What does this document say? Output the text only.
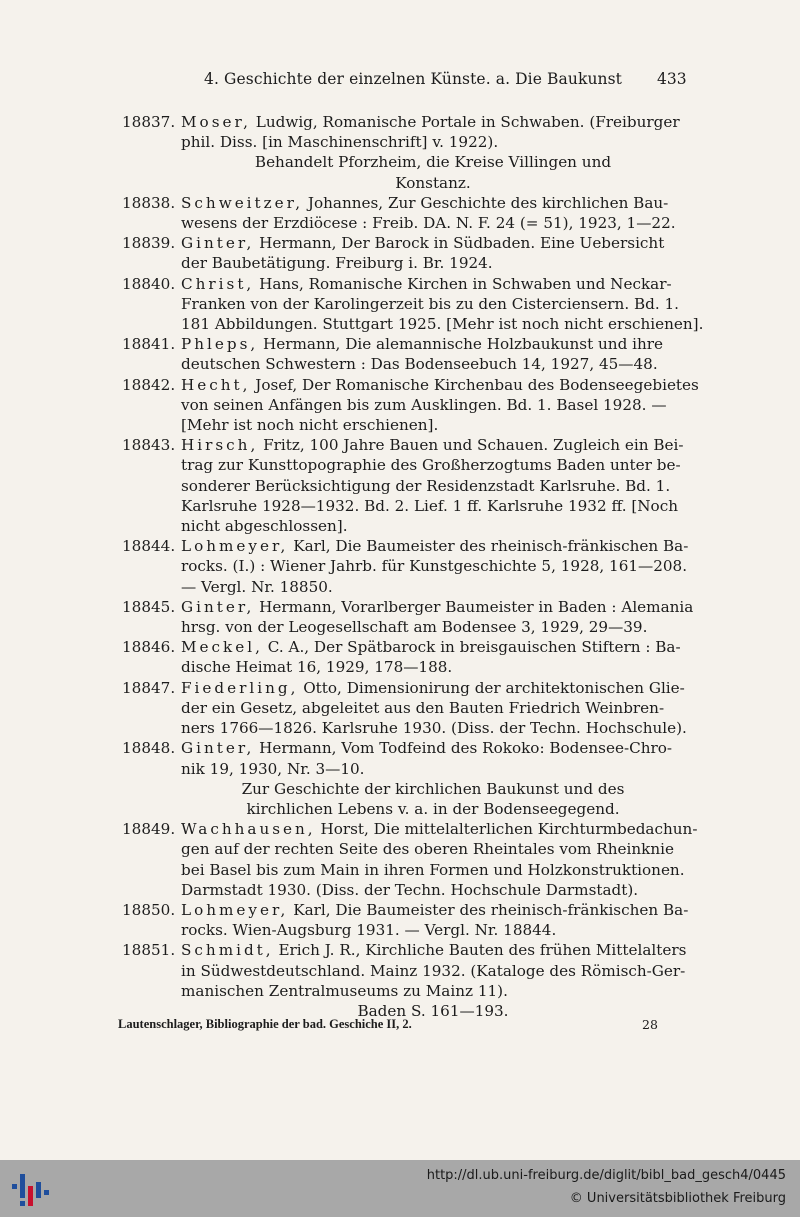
4. Geschichte der einzelnen Künste. a. Die Baukunst 433
18837. Moser, Ludwig, Romanische Portale in Schwaben. (Freiburger
phil. Diss. [in Maschinenschrift] v. 1922).
Behandelt Pforzheim, die Kreise Villingen und
Konstanz.
18838. Schweitzer, Johannes, Zur Geschichte des kirchlichen Bau-
wesens der Erzdiöcese : Freib. DA. N. F. 24 (= 51), 1923, 1—22.
18839. Ginter, Hermann, Der Barock in Südbaden. Eine Uebersicht
der Baubetätigung. Freiburg i. Br. 1924.
18840. Christ, Hans, Romanische Kirchen in Schwaben und Neckar-
Franken von der Karolingerzeit bis zu den Cisterciensern. Bd. 1.
181 Abbildungen. Stuttgart 1925. [Mehr ist noch nicht erschienen].
18841. Phleps, Hermann, Die alemannische Holzbaukunst und ihre
deutschen Schwestern : Das Bodenseebuch 14, 1927, 45—48.
18842. Hecht, Josef, Der Romanische Kirchenbau des Bodenseegebietes
von seinen Anfängen bis zum Ausklingen. Bd. 1. Basel 1928. —
[Mehr ist noch nicht erschienen].
18843. Hirsch, Fritz, 100 Jahre Bauen und Schauen. Zugleich ein Bei-
trag zur Kunsttopographie des Großherzogtums Baden unter be-
sonderer Berücksichtigung der Residenzstadt Karlsruhe. Bd. 1.
Karlsruhe 1928—1932. Bd. 2. Lief. 1 ff. Karlsruhe 1932 ff. [Noch
nicht abgeschlossen].
18844. Lohmeyer, Karl, Die Baumeister des rheinisch-fränkischen Ba-
rocks. (I.) : Wiener Jahrb. für Kunstgeschichte 5, 1928, 161—208.
— Vergl. Nr. 18850.
18845. Ginter, Hermann, Vorarlberger Baumeister in Baden : Alemania
hrsg. von der Leogesellschaft am Bodensee 3, 1929, 29—39.
18846. Meckel, C. A., Der Spätbarock in breisgauischen Stiftern : Ba-
dische Heimat 16, 1929, 178—188.
18847. Fiederling, Otto, Dimensionirung der architektonischen Glie-
der ein Gesetz, abgeleitet aus den Bauten Friedrich Weinbren-
ners 1766—1826. Karlsruhe 1930. (Diss. der Techn. Hochschule).
18848. Ginter, Hermann, Vom Todfeind des Rokoko: Bodensee-Chro-
nik 19, 1930, Nr. 3—10.
Zur Geschichte der kirchlichen Baukunst und des
kirchlichen Lebens v. a. in der Bodenseegegend.
18849. Wachhausen, Horst, Die mittelalterlichen Kirchturmbedachun-
gen auf der rechten Seite des oberen Rheintales vom Rheinknie
bei Basel bis zum Main in ihren Formen und Holzkonstruktionen.
Darmstadt 1930. (Diss. der Techn. Hochschule Darmstadt).
18850. Lohmeyer, Karl, Die Baumeister des rheinisch-fränkischen Ba-
rocks. Wien-Augsburg 1931. — Vergl. Nr. 18844.
18851. Schmidt, Erich J. R., Kirchliche Bauten des frühen Mittelalters
in Südwestdeutschland. Mainz 1932. (Kataloge des Römisch-Ger-
manischen Zentralmuseums zu Mainz 11).
Baden S. 161—193.
Lautenschlager, Bibliographie der bad. Geschiche II, 2.	28
http://dl.ub.uni-freiburg.de/diglit/bibl_bad_gesch4/0445
© Universitätsbibliothek Freiburg
